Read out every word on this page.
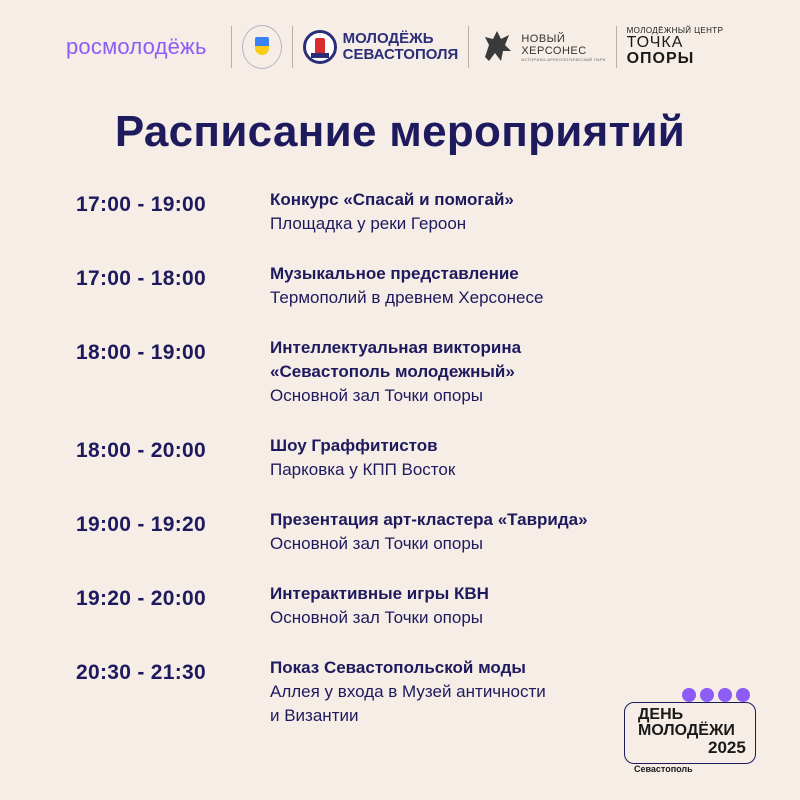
росмолодёжь	МОЛОДЁЖЬ
СЕВАСТОПОЛЯ
НОВЫЙ
ХЕРСОНЕС
ИСТОРИКО-АРХЕОЛОГИЧЕСКИЙ ПАРК
МОЛОДЁЖНЫЙ ЦЕНТР
ТОЧКА
ОПОРЫ
Расписание мероприятий
17:00 - 19:00	Конкурс «Спасай и помогай»
Площадка у реки Героон
17:00 - 18:00	Музыкальное представление
Термополий в древнем Херсонесе
18:00 - 19:00	Интеллектуальная викторина
«Севастополь молодежный»
Основной зал Точки опоры
18:00 - 20:00	Шоу Граффитистов
Парковка у КПП Восток
19:00 - 19:20	Презентация арт-кластера «Таврида»
Основной зал Точки опоры
19:20 - 20:00	Интерактивные игры КВН
Основной зал Точки опоры
20:30 - 21:30	Показ Севастопольской моды
Аллея у входа в Музей античности
и Византии	ДЕНЬ
МОЛОДЁЖИ
2025
Севастополь
